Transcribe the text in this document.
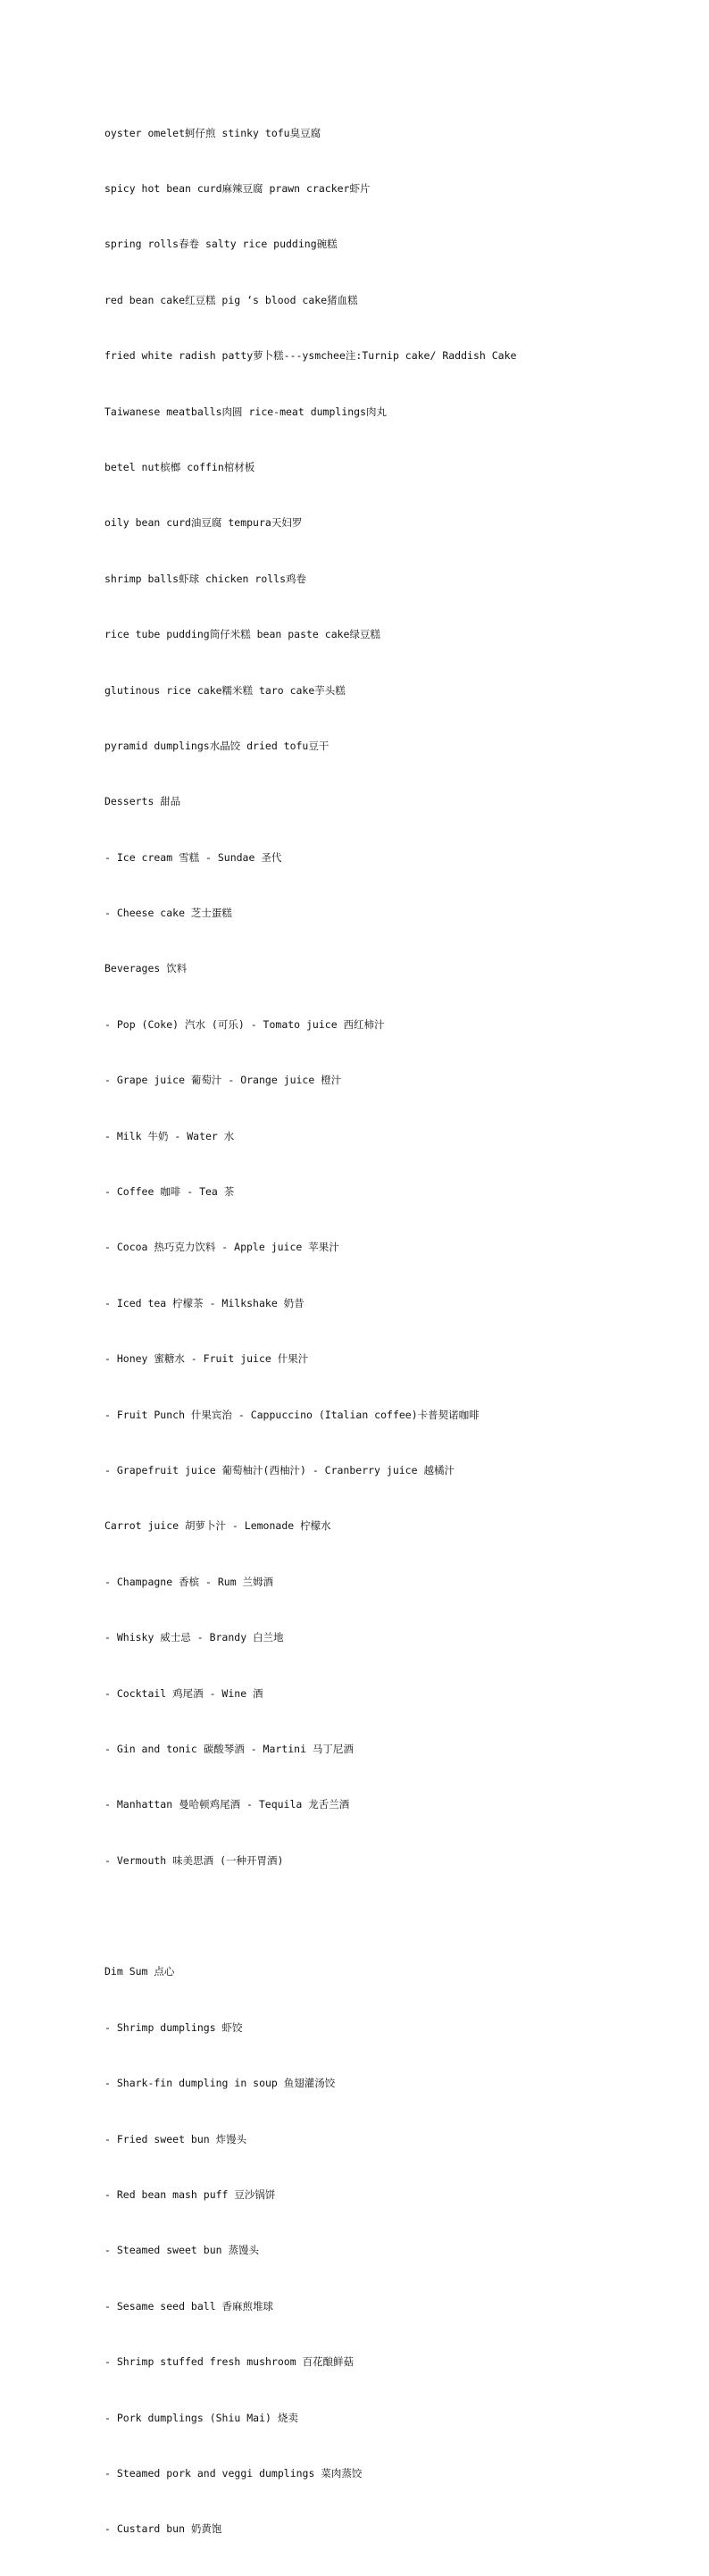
oyster omelet蚵仔煎 stinky tofu臭豆腐

spicy hot bean curd麻辣豆腐 prawn cracker虾片

spring rolls春卷 salty rice pudding碗糕

red bean cake红豆糕 pig ‘s blood cake猪血糕

fried white radish patty萝卜糕---ysmchee注:Turnip cake/ Raddish Cake

Taiwanese meatballs肉圆 rice-meat dumplings肉丸

betel nut槟榔 coffin棺材板

oily bean curd油豆腐 tempura天妇罗

shrimp balls虾球 chicken rolls鸡卷

rice tube pudding筒仔米糕 bean paste cake绿豆糕

glutinous rice cake糯米糕 taro cake芋头糕

pyramid dumplings水晶饺 dried tofu豆干

Desserts 甜品

- Ice cream 雪糕 - Sundae 圣代

- Cheese cake 芝士蛋糕

Beverages 饮料

- Pop (Coke) 汽水 (可乐) - Tomato juice 西红柿汁

- Grape juice 葡萄汁 - Orange juice 橙汁

- Milk 牛奶 - Water 水

- Coffee 咖啡 - Tea 茶

- Cocoa 热巧克力饮料 - Apple juice 苹果汁

- Iced tea 柠檬茶 - Milkshake 奶昔

- Honey 蜜糖水 - Fruit juice 什果汁

- Fruit Punch 什果宾治 - Cappuccino (Italian coffee)卡普契诺咖啡

- Grapefruit juice 葡萄柚汁(西柚汁) - Cranberry juice 越橘汁

Carrot juice 胡萝卜汁 - Lemonade 柠檬水

- Champagne 香槟 - Rum 兰姆酒

- Whisky 威士忌 - Brandy 白兰地

- Cocktail 鸡尾酒 - Wine 酒

- Gin and tonic 碳酸琴酒 - Martini 马丁尼酒

- Manhattan 曼哈顿鸡尾酒 - Tequila 龙舌兰酒

- Vermouth 味美思酒 (一种开胃酒)

Dim Sum 点心

- Shrimp dumplings 虾饺

- Shark-fin dumpling in soup 鱼翅灌汤饺

- Fried sweet bun 炸馒头

- Red bean mash puff 豆沙锅饼

- Steamed sweet bun 蒸馒头

- Sesame seed ball 香麻煎堆球

- Shrimp stuffed fresh mushroom 百花酿鲜菇

- Pork dumplings (Shiu Mai) 烧卖

- Steamed pork and veggi dumplings 菜肉蒸饺

- Custard bun 奶黄饱
